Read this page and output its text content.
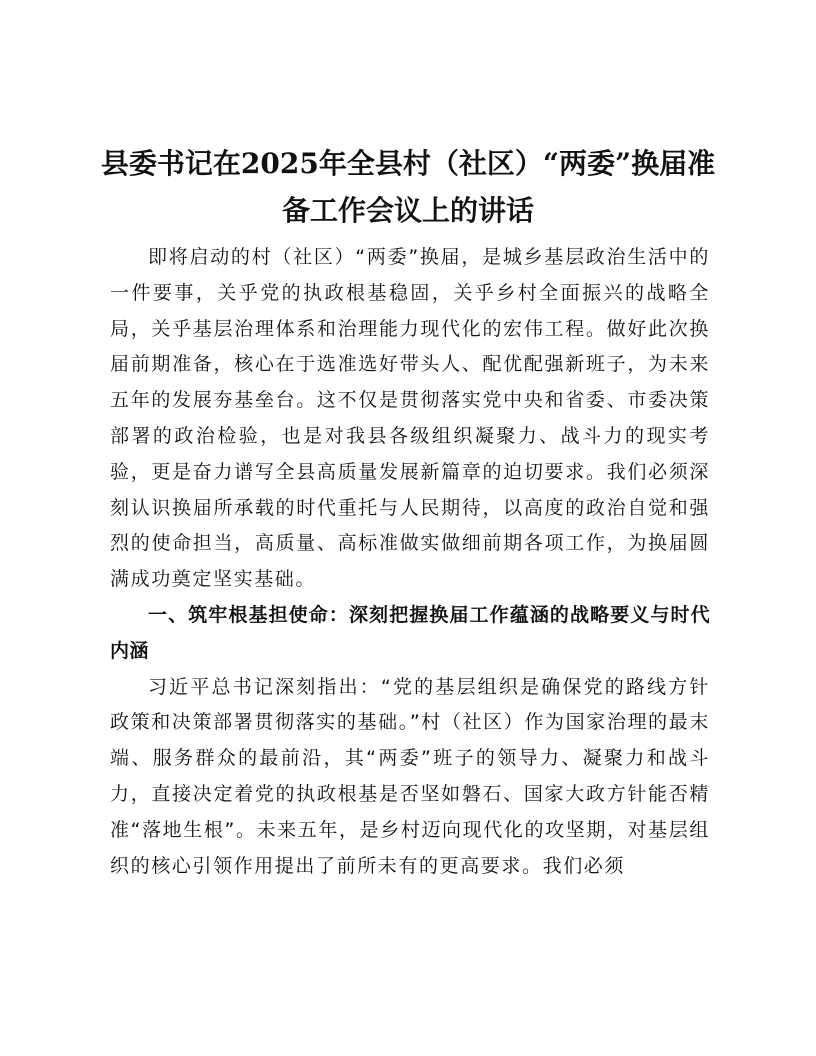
县委书记在2025年全县村（社区）“两委”换届准备工作会议上的讲话

即将启动的村（社区）“两委”换届，是城乡基层政治生活中的一件要事，关乎党的执政根基稳固，关乎乡村全面振兴的战略全局，关乎基层治理体系和治理能力现代化的宏伟工程。做好此次换届前期准备，核心在于选准选好带头人、配优配强新班子，为未来五年的发展夯基垒台。这不仅是贯彻落实党中央和省委、市委决策部署的政治检验，也是对我县各级组织凝聚力、战斗力的现实考验，更是奋力谱写全县高质量发展新篇章的迫切要求。我们必须深刻认识换届所承载的时代重托与人民期待，以高度的政治自觉和强烈的使命担当，高质量、高标准做实做细前期各项工作，为换届圆满成功奠定坚实基础。

一、筑牢根基担使命：深刻把握换届工作蕴涵的战略要义与时代内涵

习近平总书记深刻指出：“党的基层组织是确保党的路线方针政策和决策部署贯彻落实的基础。”村（社区）作为国家治理的最末端、服务群众的最前沿，其“两委”班子的领导力、凝聚力和战斗力，直接决定着党的执政根基是否坚如磐石、国家大政方针能否精准“落地生根”。未来五年，是乡村迈向现代化的攻坚期，对基层组织的核心引领作用提出了前所未有的更高要求。我们必须
